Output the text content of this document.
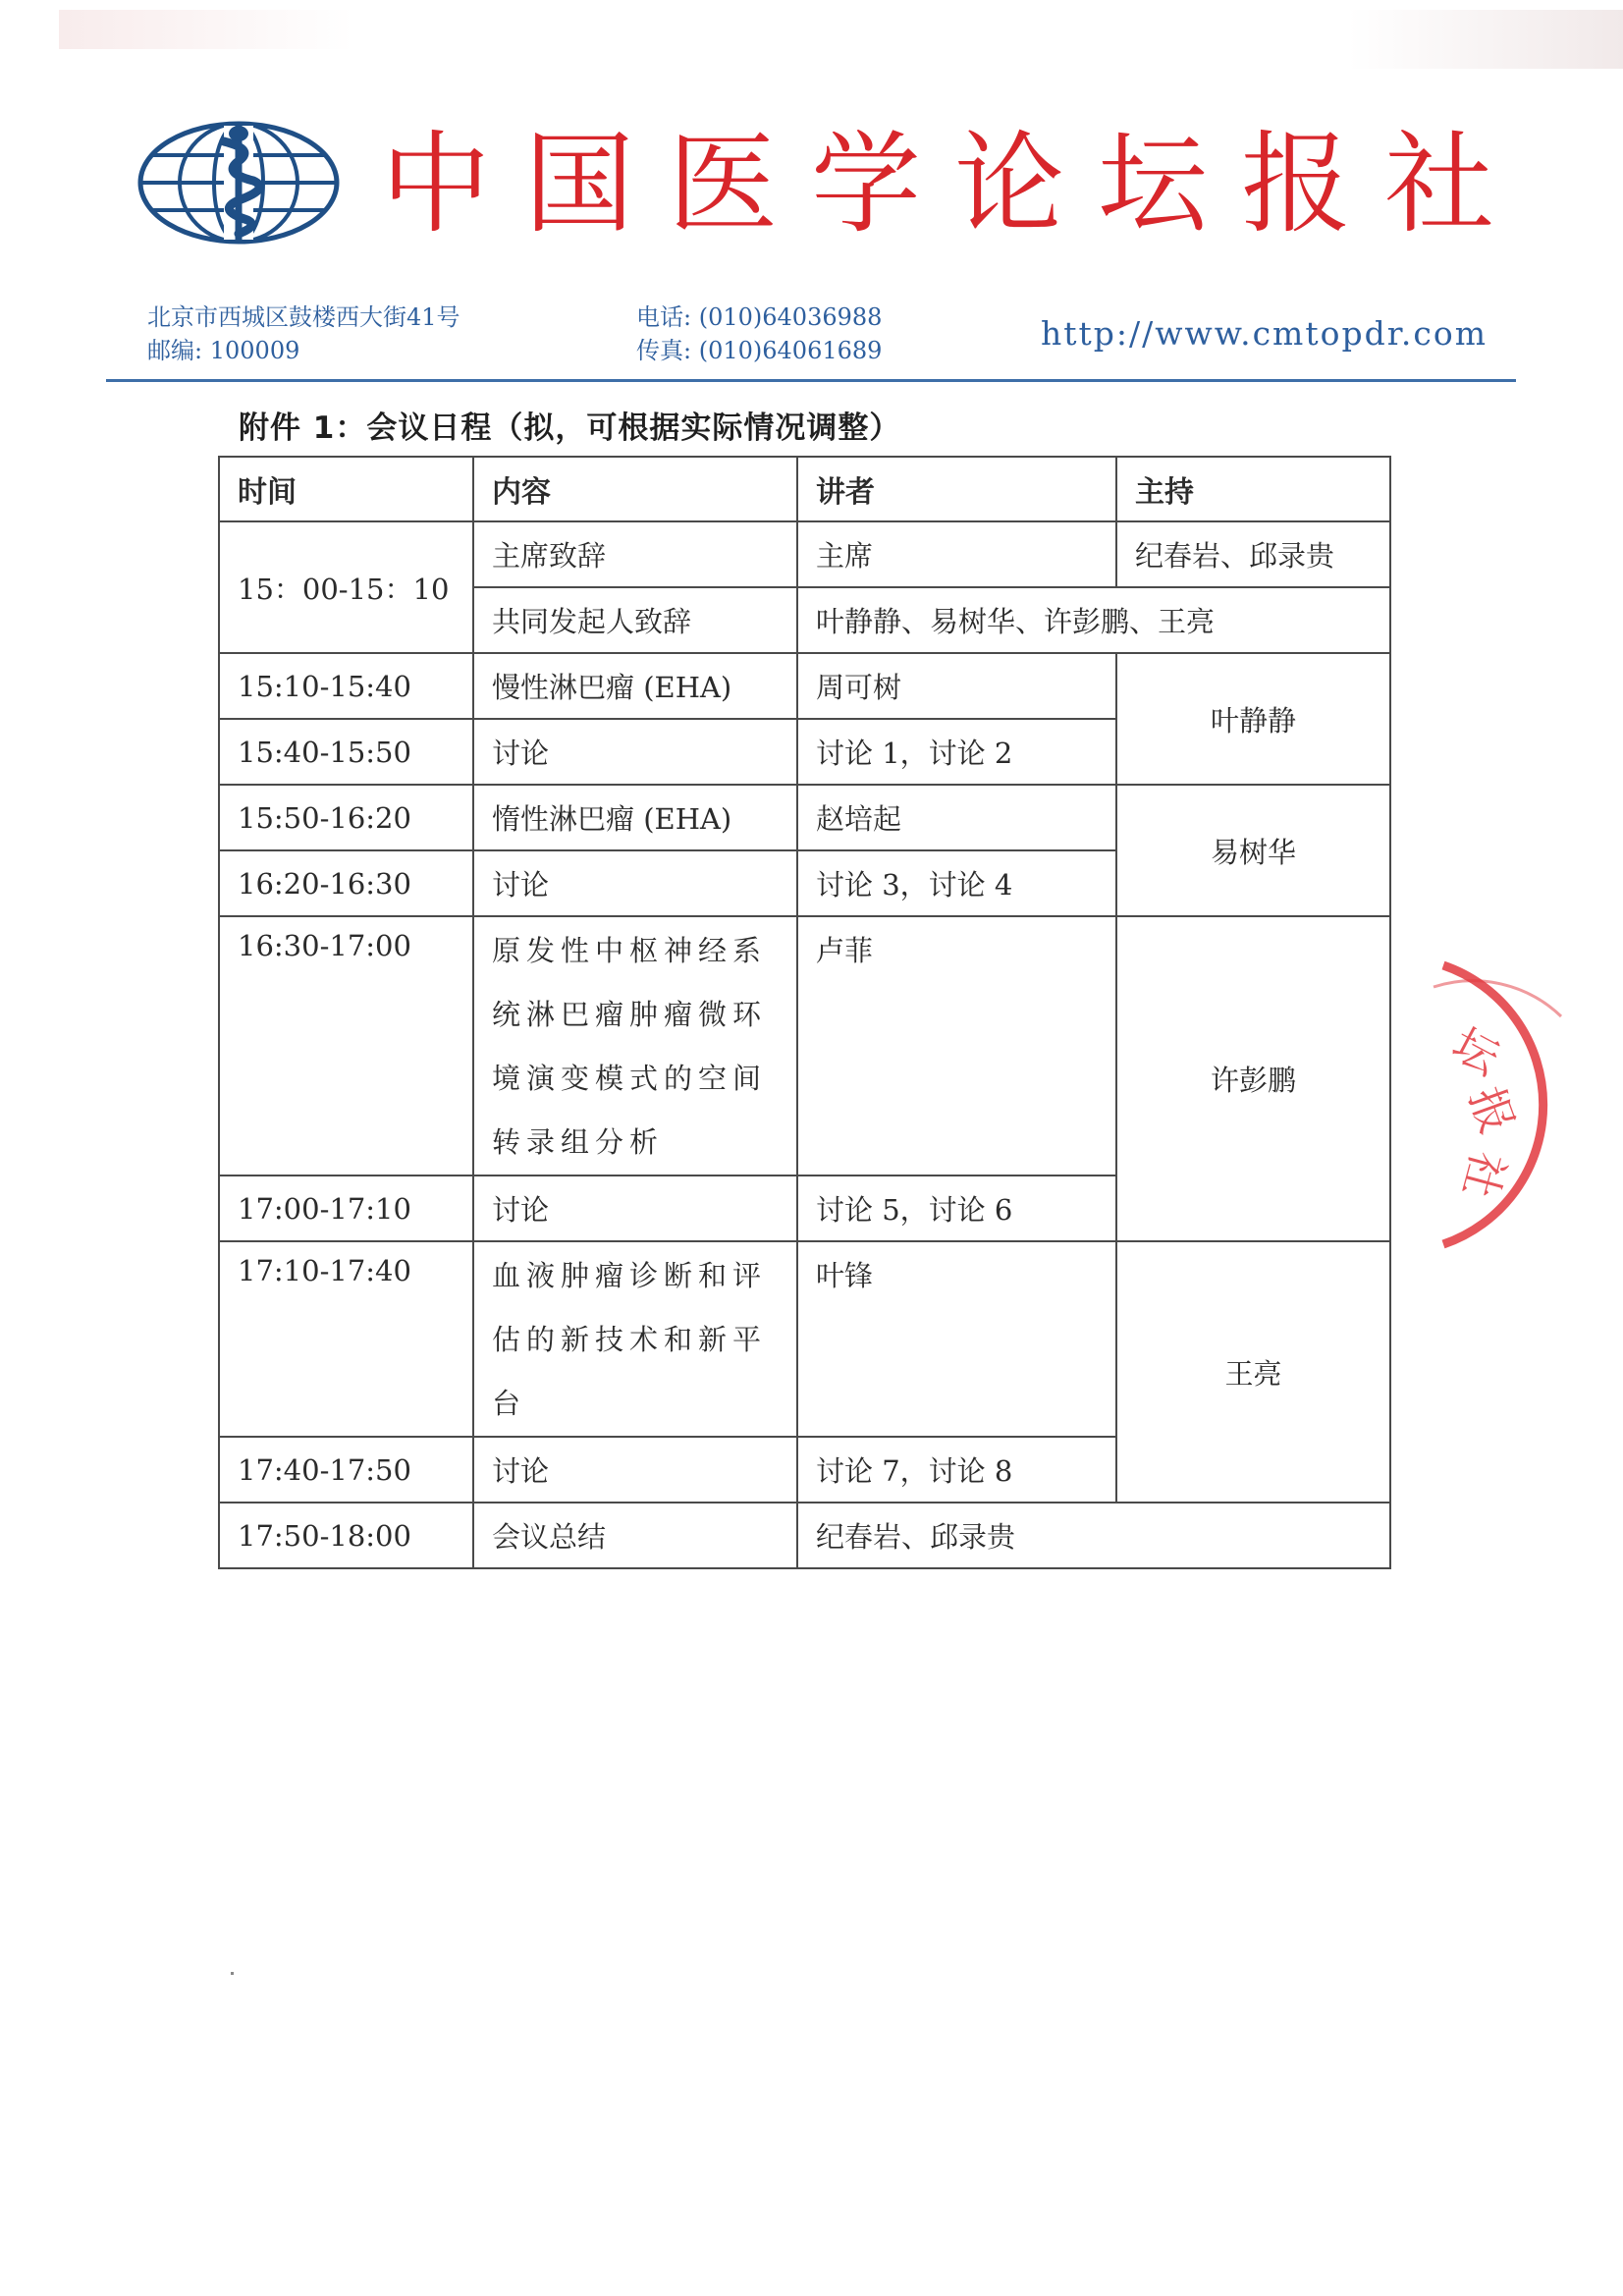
中国医学论坛报社
北京市西城区鼓楼西大街41号
邮编: 100009
电话: (010)64036988
传真: (010)64061689	http://www.cmtopdr.com
附件 1：会议日程（拟，可根据实际情况调整）
时间	内容	讲者	主持
15：00-15：10	主席致辞	主席	纪春岩、邱录贵
	共同发起人致辞	叶静静、易树华、许彭鹏、王亮	
15:10-15:40	慢性淋巴瘤 (EHA)	周可树	叶静静
15:40-15:50	讨论	讨论 1，讨论 2	
15:50-16:20	惰性淋巴瘤 (EHA)	赵培起	易树华
16:20-16:30	讨论	讨论 3，讨论 4	
16:30-17:00	原发性中枢神经系
统淋巴瘤肿瘤微环
境演变模式的空间
转录组分析	卢菲	许彭鹏
17:00-17:10	讨论	讨论 5，讨论 6	
17:10-17:40	血液肿瘤诊断和评
估的新技术和新平
台	叶锋	王亮
17:40-17:50	讨论	讨论 7，讨论 8	
17:50-18:00	会议总结	纪春岩、邱录贵	
坛
报
社
